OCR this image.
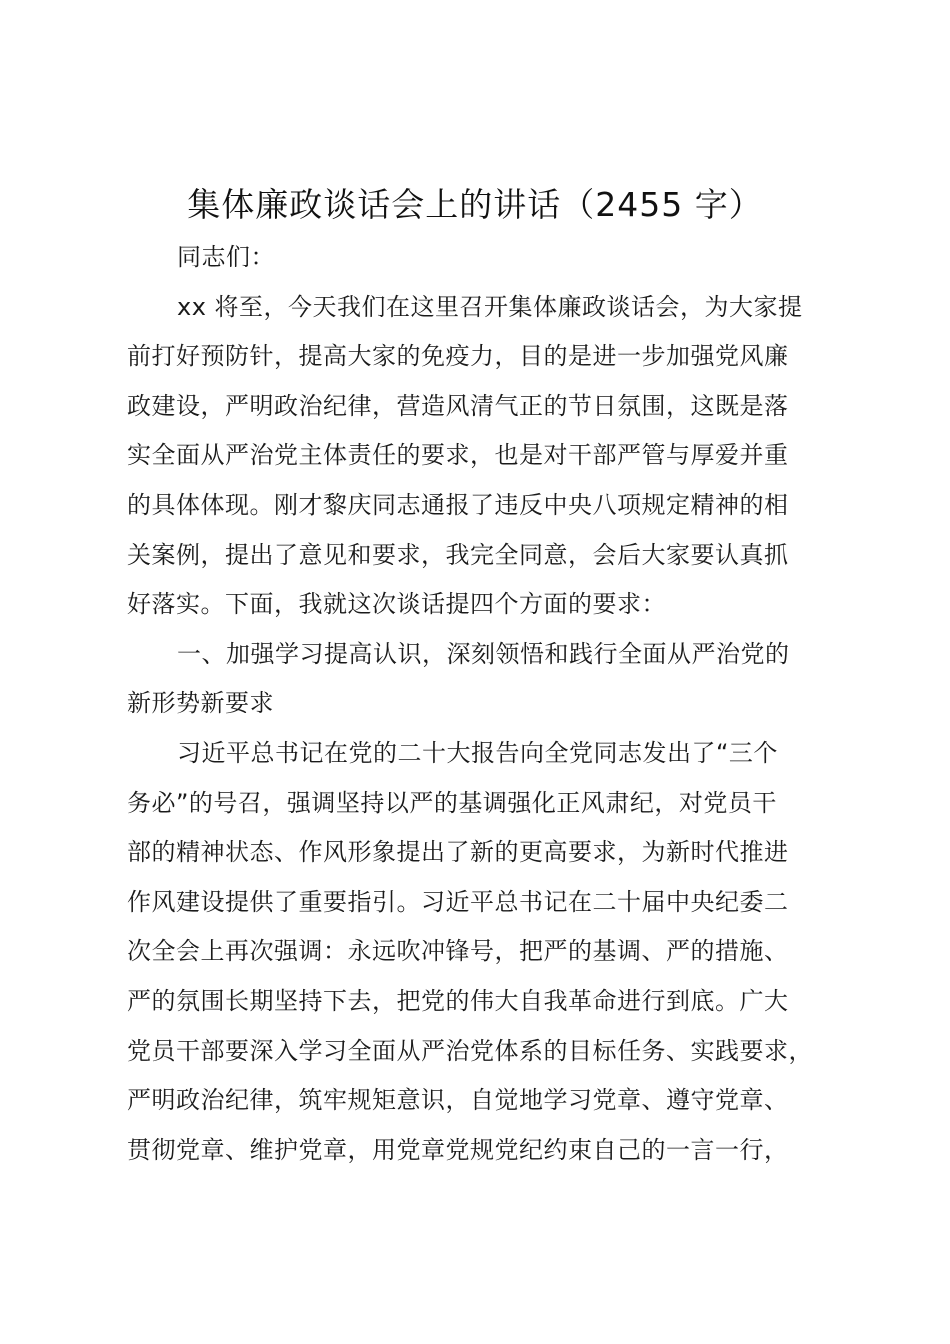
集体廉政谈话会上的讲话（2455 字）
同志们：
xx 将至，今天我们在这里召开集体廉政谈话会，为大家提
前打好预防针，提高大家的免疫力，目的是进一步加强党风廉
政建设，严明政治纪律，营造风清气正的节日氛围，这既是落
实全面从严治党主体责任的要求，也是对干部严管与厚爱并重
的具体体现。刚才黎庆同志通报了违反中央八项规定精神的相
关案例，提出了意见和要求，我完全同意，会后大家要认真抓
好落实。下面，我就这次谈话提四个方面的要求：
一、加强学习提高认识，深刻领悟和践行全面从严治党的
新形势新要求
习近平总书记在党的二十大报告向全党同志发出了“三个
务必”的号召，强调坚持以严的基调强化正风肃纪，对党员干
部的精神状态、作风形象提出了新的更高要求，为新时代推进
作风建设提供了重要指引。习近平总书记在二十届中央纪委二
次全会上再次强调：永远吹冲锋号，把严的基调、严的措施、
严的氛围长期坚持下去，把党的伟大自我革命进行到底。广大
党员干部要深入学习全面从严治党体系的目标任务、实践要求，
严明政治纪律，筑牢规矩意识，自觉地学习党章、遵守党章、
贯彻党章、维护党章，用党章党规党纪约束自己的一言一行，
